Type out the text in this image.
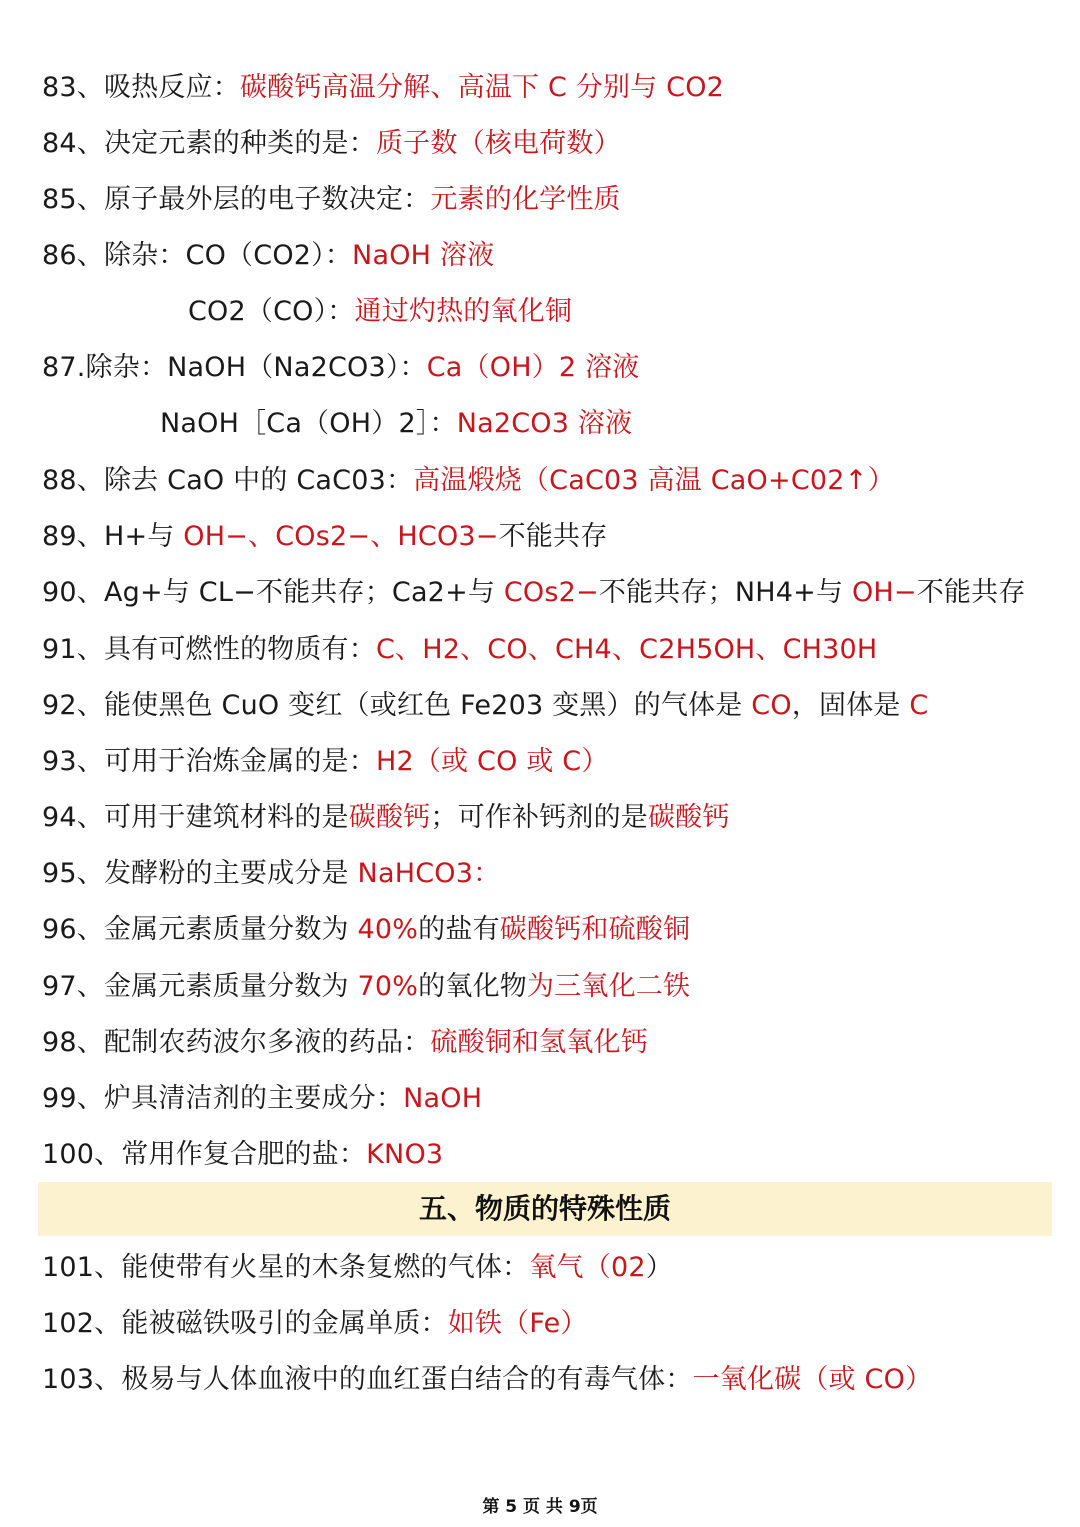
83、吸热反应：碳酸钙高温分解、高温下 C 分别与 CO2
84、决定元素的种类的是：质子数（核电荷数）
85、原子最外层的电子数决定：元素的化学性质
86、除杂：CO（CO2）：NaOH 溶液
CO2（CO）：通过灼热的氧化铜
87.除杂：NaOH（Na2CO3）：Ca（OH）2 溶液
NaOH［Ca（OH）2］：Na2CO3 溶液
88、除去 CaO 中的 CaC03：高温煅烧（CaC03 高温 CaO+C02↑）
89、H+与 OH−、COs2−、HCO3−不能共存
90、Ag+与 CL−不能共存；Ca2+与 COs2−不能共存；NH4+与 OH−不能共存
91、具有可燃性的物质有：C、H2、CO、CH4、C2H5OH、CH30H
92、能使黑色 CuO 变红（或红色 Fe203 变黑）的气体是 CO，固体是 C
93、可用于治炼金属的是：H2（或 CO 或 C）
94、可用于建筑材料的是碳酸钙；可作补钙剂的是碳酸钙
95、发酵粉的主要成分是 NaHCO3：
96、金属元素质量分数为 40%的盐有碳酸钙和硫酸铜
97、金属元素质量分数为 70%的氧化物为三氧化二铁
98、配制农药波尔多液的药品：硫酸铜和氢氧化钙
99、炉具清洁剂的主要成分：NaOH
100、常用作复合肥的盐：KNO3
五、物质的特殊性质
101、能使带有火星的木条复燃的气体：氧气（02）
102、能被磁铁吸引的金属单质：如铁（Fe）
103、极易与人体血液中的血红蛋白结合的有毒气体：一氧化碳（或 CO）
第 5 页 共 9页
